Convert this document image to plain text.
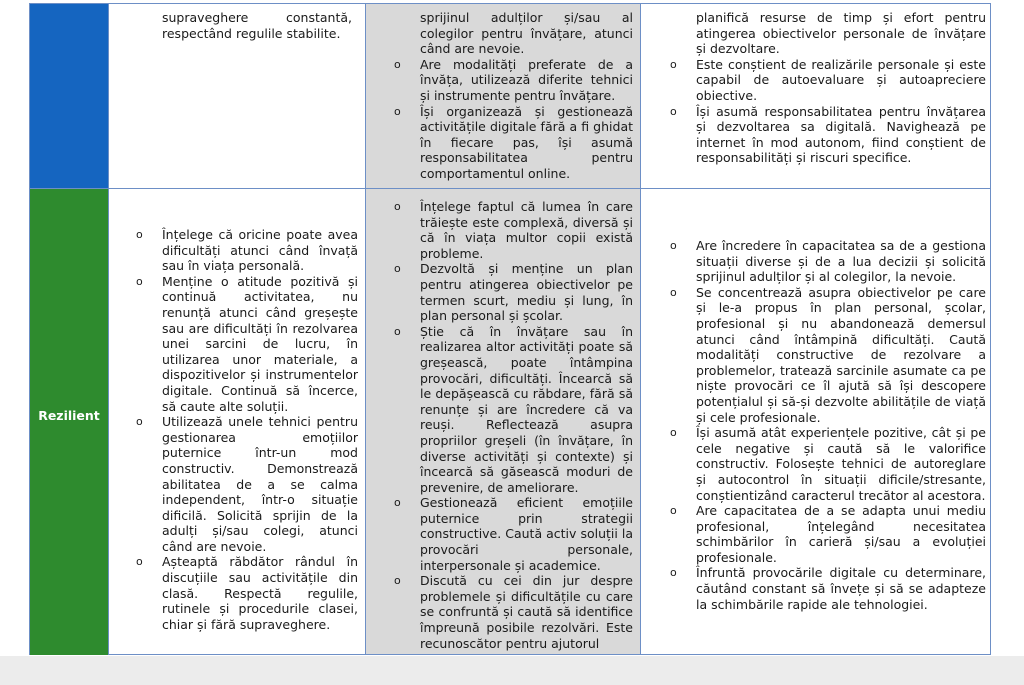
Rezilient

supraveghere constantă, respectând regulile stabilite.

sprijinul adulților și/sau al colegilor pentru învățare, atunci când are nevoie.

o Are modalități preferate de a învăța, utilizează diferite tehnici și instrumente pentru învățare.
o Își organizează și gestionează activitățile digitale fără a fi ghidat în fiecare pas, își asumă responsabilitatea pentru comportamentul online.

planifică resurse de timp și efort pentru atingerea obiectivelor personale de învățare și dezvoltare.

o Este conștient de realizările personale și este capabil de autoevaluare și autoapreciere obiective.
o Își asumă responsabilitatea pentru învățarea și dezvoltarea sa digitală. Navighează pe internet în mod autonom, fiind conștient de responsabilități și riscuri specifice.
o Înțelege că oricine poate avea dificultăți atunci când învață sau în viața personală.
o Menține o atitude pozitivă și continuă activitatea, nu renunță atunci când greșește sau are dificultăți în rezolvarea unei sarcini de lucru, în utilizarea unor materiale, a dispozitivelor și instrumentelor digitale. Continuă să încerce, să caute alte soluții.
o Utilizează unele tehnici pentru gestionarea emoțiilor puternice într-un mod constructiv. Demonstrează abilitatea de a se calma independent, într-o situație dificilă. Solicită sprijin de la adulți și/sau colegi, atunci când are nevoie.
o Așteaptă răbdător rândul în discuțiile sau activitățile din clasă. Respectă regulile, rutinele și procedurile clasei, chiar și fără supraveghere.
o Înțelege faptul că lumea în care trăiește este complexă, diversă și că în viața multor copii există probleme.
o Dezvoltă și menține un plan pentru atingerea obiectivelor pe termen scurt, mediu și lung, în plan personal și școlar.
o Știe că în învățare sau în realizarea altor activități poate să greșească, poate întâmpina provocări, dificultăți. Încearcă să le depășească cu răbdare, fără să renunțe și are încredere că va reuși. Reflectează asupra propriilor greșeli (în învățare, în diverse activități și contexte) și încearcă să găsească moduri de prevenire, de ameliorare.
o Gestionează eficient emoțiile puternice prin strategii constructive. Caută activ soluții la provocări personale, interpersonale și academice.
o Discută cu cei din jur despre problemele și dificultățile cu care se confruntă și caută să identifice împreună posibile rezolvări. Este recunoscător pentru ajutorul
o Are încredere în capacitatea sa de a gestiona situații diverse și de a lua decizii și solicită sprijinul adulților și al colegilor, la nevoie.
o Se concentrează asupra obiectivelor pe care și le-a propus în plan personal, școlar, profesional și nu abandonează demersul atunci când întâmpină dificultăți. Caută modalități constructive de rezolvare a problemelor, tratează sarcinile asumate ca pe niște provocări ce îl ajută să își descopere potențialul și să-și dezvolte abilitățile de viață și cele profesionale.
o Își asumă atât experiențele pozitive, cât și pe cele negative și caută să le valorifice constructiv. Folosește tehnici de autoreglare și autocontrol în situații dificile/stresante, conștientizând caracterul trecător al acestora.
o Are capacitatea de a se adapta unui mediu profesional, înțelegând necesitatea schimbărilor în carieră și/sau a evoluției profesionale.
o Înfruntă provocările digitale cu determinare, căutând constant să învețe și să se adapteze la schimbările rapide ale tehnologiei.
